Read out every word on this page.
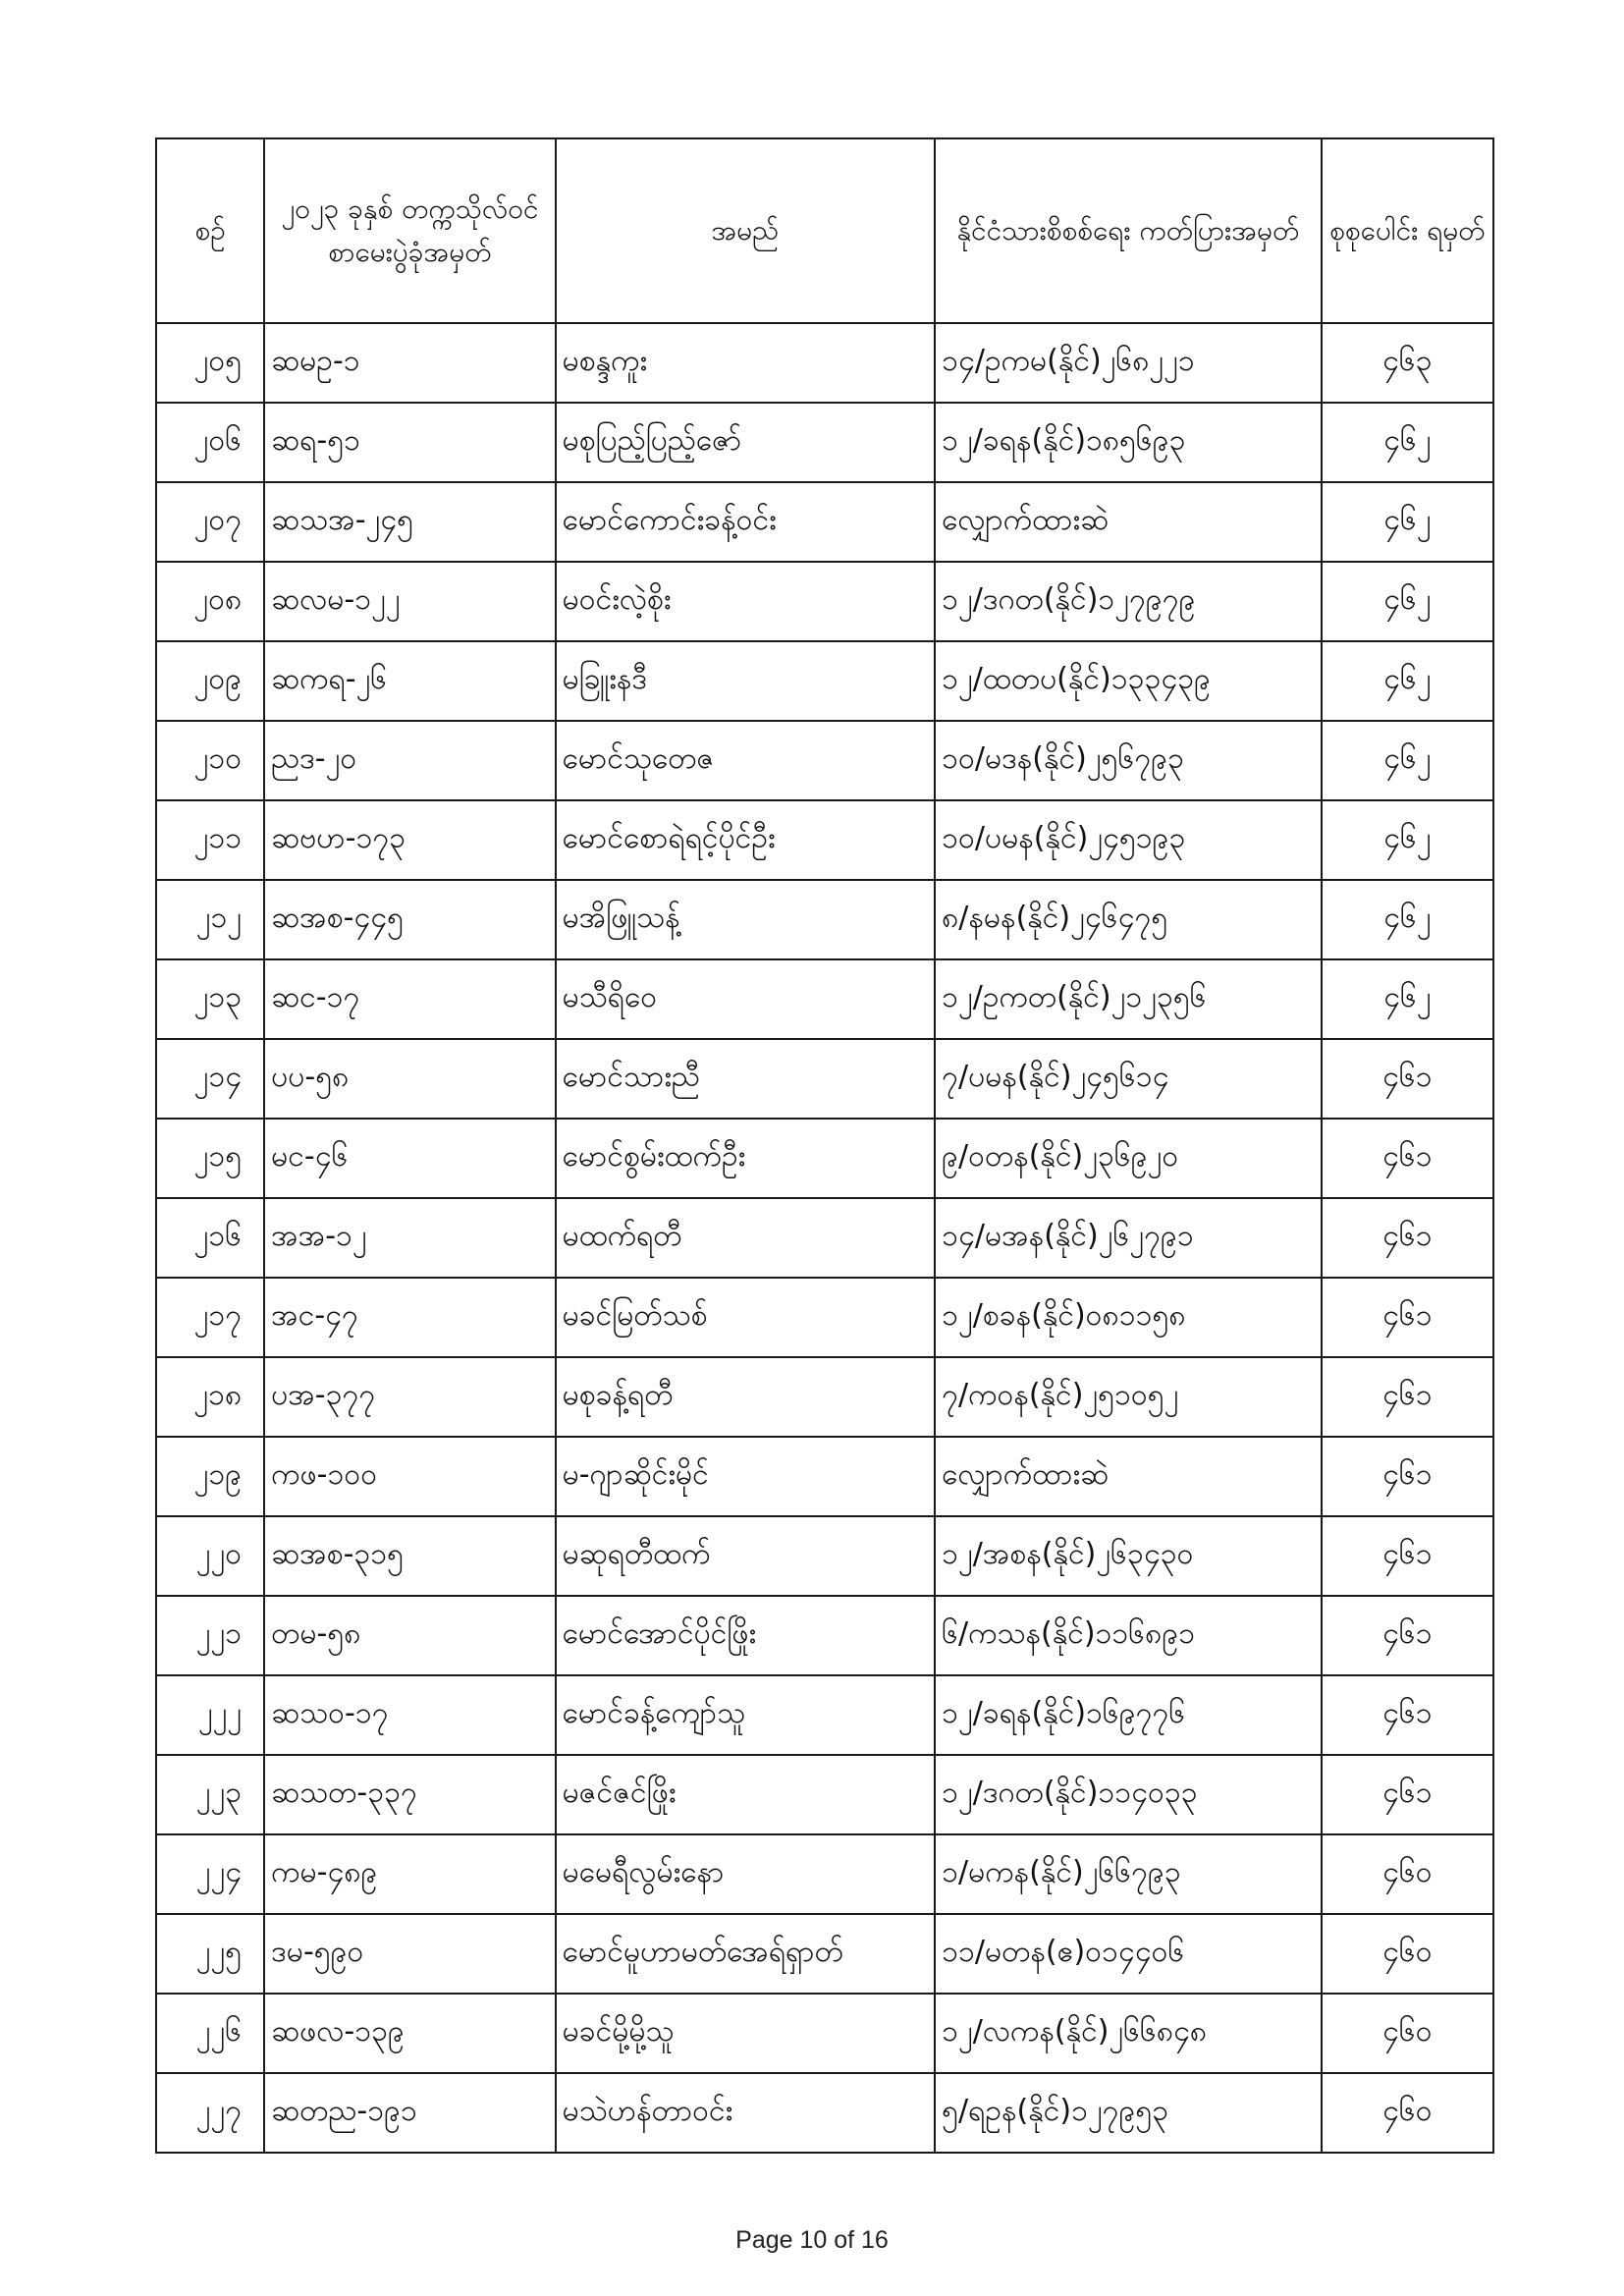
စဉ်	၂၀၂၃ ခုနှစ် တက္ကသိုလ်ဝင် စာမေးပွဲခုံအမှတ်	အမည်	နိုင်ငံသားစိစစ်ရေး ကတ်ပြားအမှတ်	စုစုပေါင်း ရမှတ်
၂၀၅	ဆမဥ-၁	မစန္ဒကူး	၁၄/ဥကမ(နိုင်)၂၆၈၂၂၁	၄၆၃
၂၀၆	ဆရ-၅၁	မစုပြည့်ပြည့်ဇော်	၁၂/ခရန(နိုင်)၁၈၅၆၉၃	၄၆၂
၂၀၇	ဆသအ-၂၄၅	မောင်ကောင်းခန့်ဝင်း	လျှောက်ထားဆဲ	၄၆၂
၂၀၈	ဆလမ-၁၂၂	မဝင်းလဲ့စိုး	၁၂/ဒဂတ(နိုင်)၁၂၇၉၇၉	၄၆၂
၂၀၉	ဆကရ-၂၆	မခြူးနဒီ	၁၂/ထတပ(နိုင်)၁၃၃၄၃၉	၄၆၂
၂၁၀	ညဒ-၂၀	မောင်သုတေဇ	၁၀/မဒန(နိုင်)၂၅၆၇၉၃	၄၆၂
၂၁၁	ဆဗဟ-၁၇၃	မောင်စောရဲရင့်ပိုင်ဦး	၁၀/ပမန(နိုင်)၂၄၅၁၉၃	၄၆၂
၂၁၂	ဆအစ-၄၄၅	မအိဖြူသန့်	၈/နမန(နိုင်)၂၄၆၄၇၅	၄၆၂
၂၁၃	ဆင-၁၇	မသီရိဝေ	၁၂/ဥကတ(နိုင်)၂၁၂၃၅၆	၄၆၂
၂၁၄	ပပ-၅၈	မောင်သားညီ	၇/ပမန(နိုင်)၂၄၅၆၁၄	၄၆၁
၂၁၅	မင-၄၆	မောင်စွမ်းထက်ဦး	၉/ဝတန(နိုင်)၂၃၆၉၂၀	၄၆၁
၂၁၆	အအ-၁၂	မထက်ရတီ	၁၄/မအန(နိုင်)၂၆၂၇၉၁	၄၆၁
၂၁၇	အင-၄၇	မခင်မြတ်သစ်	၁၂/စခန(နိုင်)၀၈၁၁၅၈	၄၆၁
၂၁၈	ပအ-၃၇၇	မစုခန့်ရတီ	၇/ကဝန(နိုင်)၂၅၁၀၅၂	၄၆၁
၂၁၉	ကဖ-၁၀၀	မ-ဂျာဆိုင်းမိုင်	လျှောက်ထားဆဲ	၄၆၁
၂၂၀	ဆအစ-၃၁၅	မဆုရတီထက်	၁၂/အစန(နိုင်)၂၆၃၄၃၀	၄၆၁
၂၂၁	တမ-၅၈	မောင်အောင်ပိုင်ဖြိုး	၆/ကသန(နိုင်)၁၁၆၈၉၁	၄၆၁
၂၂၂	ဆသဝ-၁၇	မောင်ခန့်ကျော်သူ	၁၂/ခရန(နိုင်)၁၆၉၇၇၆	၄၆၁
၂၂၃	ဆသတ-၃၃၇	မဇင်ဇင်ဖြိုး	၁၂/ဒဂတ(နိုင်)၁၁၄၀၃၃	၄၆၁
၂၂၄	ကမ-၄၈၉	မမေရီလွမ်းနော	၁/မကန(နိုင်)၂၆၆၇၉၃	၄၆၀
၂၂၅	ဒမ-၅၉၀	မောင်မူဟာမတ်အေရ်ရှာတ်	၁၁/မတန(ဧ)၀၁၄၄၀၆	၄၆၀
၂၂၆	ဆဖလ-၁၃၉	မခင်မို့မို့သူ	၁၂/လကန(နိုင်)၂၆၆၈၄၈	၄၆၀
၂၂၇	ဆတည-၁၉၁	မသဲဟန်တာဝင်း	၅/ရဥန(နိုင်)၁၂၇၉၅၃	၄၆၀
Page 10 of 16
